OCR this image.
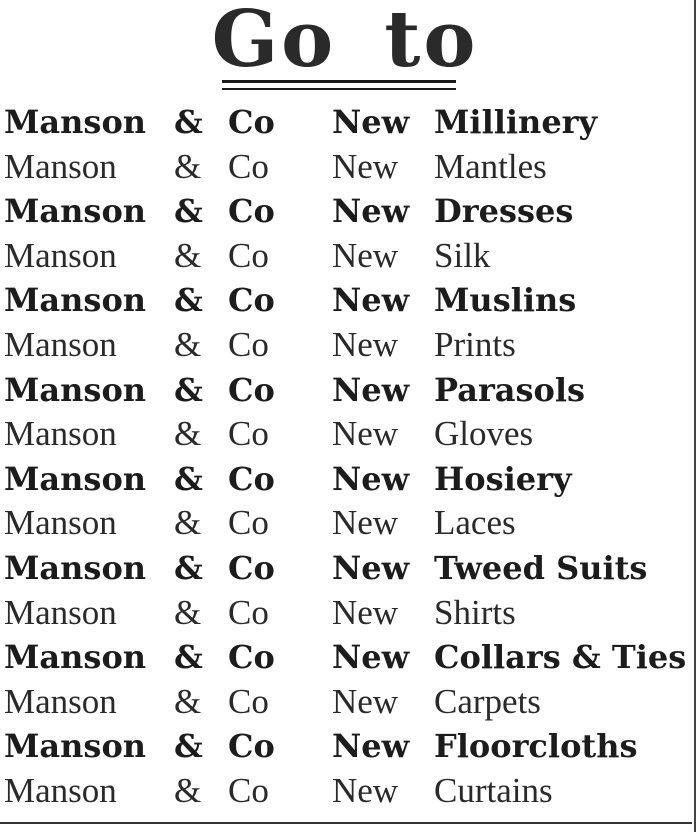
Go to
Manson & Co New Millinery
Manson & Co New Mantles
Manson & Co New Dresses
Manson & Co New Silk
Manson & Co New Muslins
Manson & Co New Prints
Manson & Co New Parasols
Manson & Co New Gloves
Manson & Co New Hosiery
Manson & Co New Laces
Manson & Co New Tweed Suits
Manson & Co New Shirts
Manson & Co New Collars & Ties
Manson & Co New Carpets
Manson & Co New Floorcloths
Manson & Co New Curtains
